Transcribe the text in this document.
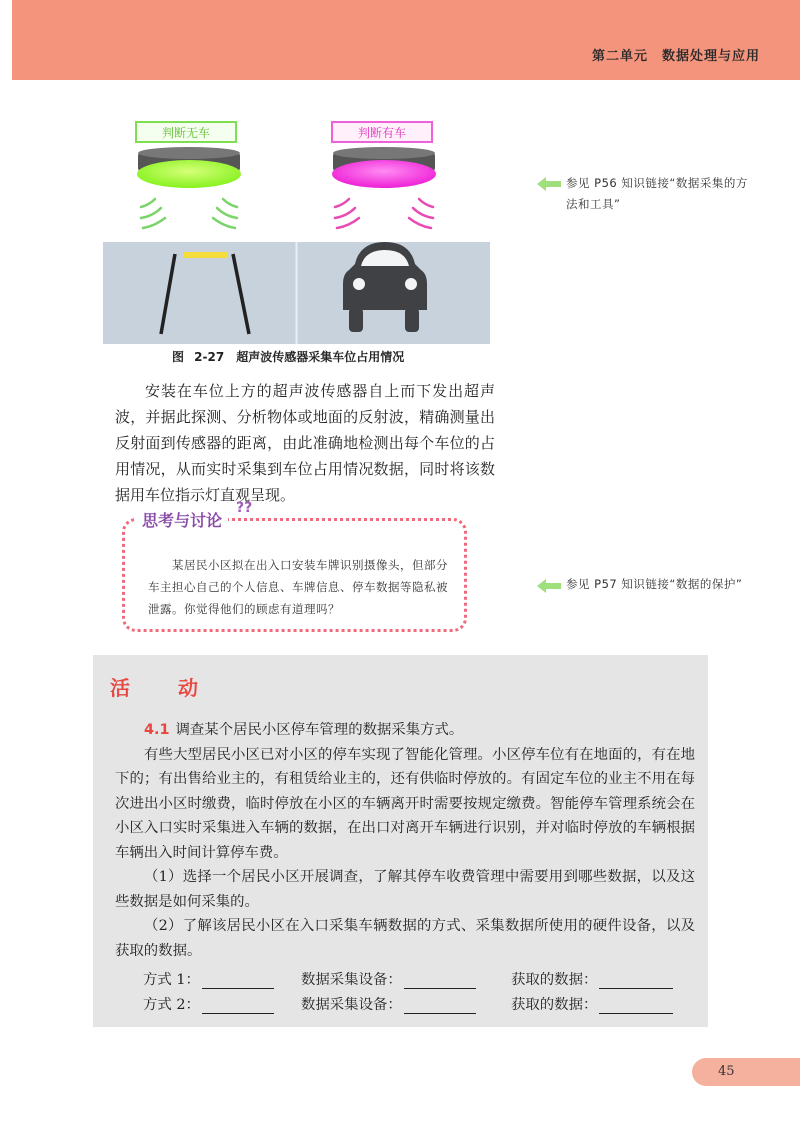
第二单元　数据处理与应用
判断无车	判断有车
图 2-27　超声波传感器采集车位占用情况

安装在车位上方的超声波传感器自上而下发出超声波，并据此探测、分析物体或地面的反射波，精确测量出反射面到传感器的距离，由此准确地检测出每个车位的占用情况，从而实时采集到车位占用情况数据，同时将该数据用车位指示灯直观呈现。

参见 P56 知识链接“数据采集的方法和工具”
参见 P57 知识链接“数据的保护”
思考与讨论
??

某居民小区拟在出入口安装车牌识别摄像头，但部分车主担心自己的个人信息、车牌信息、停车数据等隐私被泄露。你觉得他们的顾虑有道理吗？

活　动

4.1 调查某个居民小区停车管理的数据采集方式。

有些大型居民小区已对小区的停车实现了智能化管理。小区停车位有在地面的，有在地下的；有出售给业主的，有租赁给业主的，还有供临时停放的。有固定车位的业主不用在每次进出小区时缴费，临时停放在小区的车辆离开时需要按规定缴费。智能停车管理系统会在小区入口实时采集进入车辆的数据，在出口对离开车辆进行识别，并对临时停放的车辆根据车辆出入时间计算停车费。

（1）选择一个居民小区开展调查，了解其停车收费管理中需要用到哪些数据，以及这些数据是如何采集的。

（2）了解该居民小区在入口采集车辆数据的方式、采集数据所使用的硬件设备，以及获取的数据。

方式 1：	数据采集设备：	获取的数据：
方式 2：	数据采集设备：	获取的数据：
45
